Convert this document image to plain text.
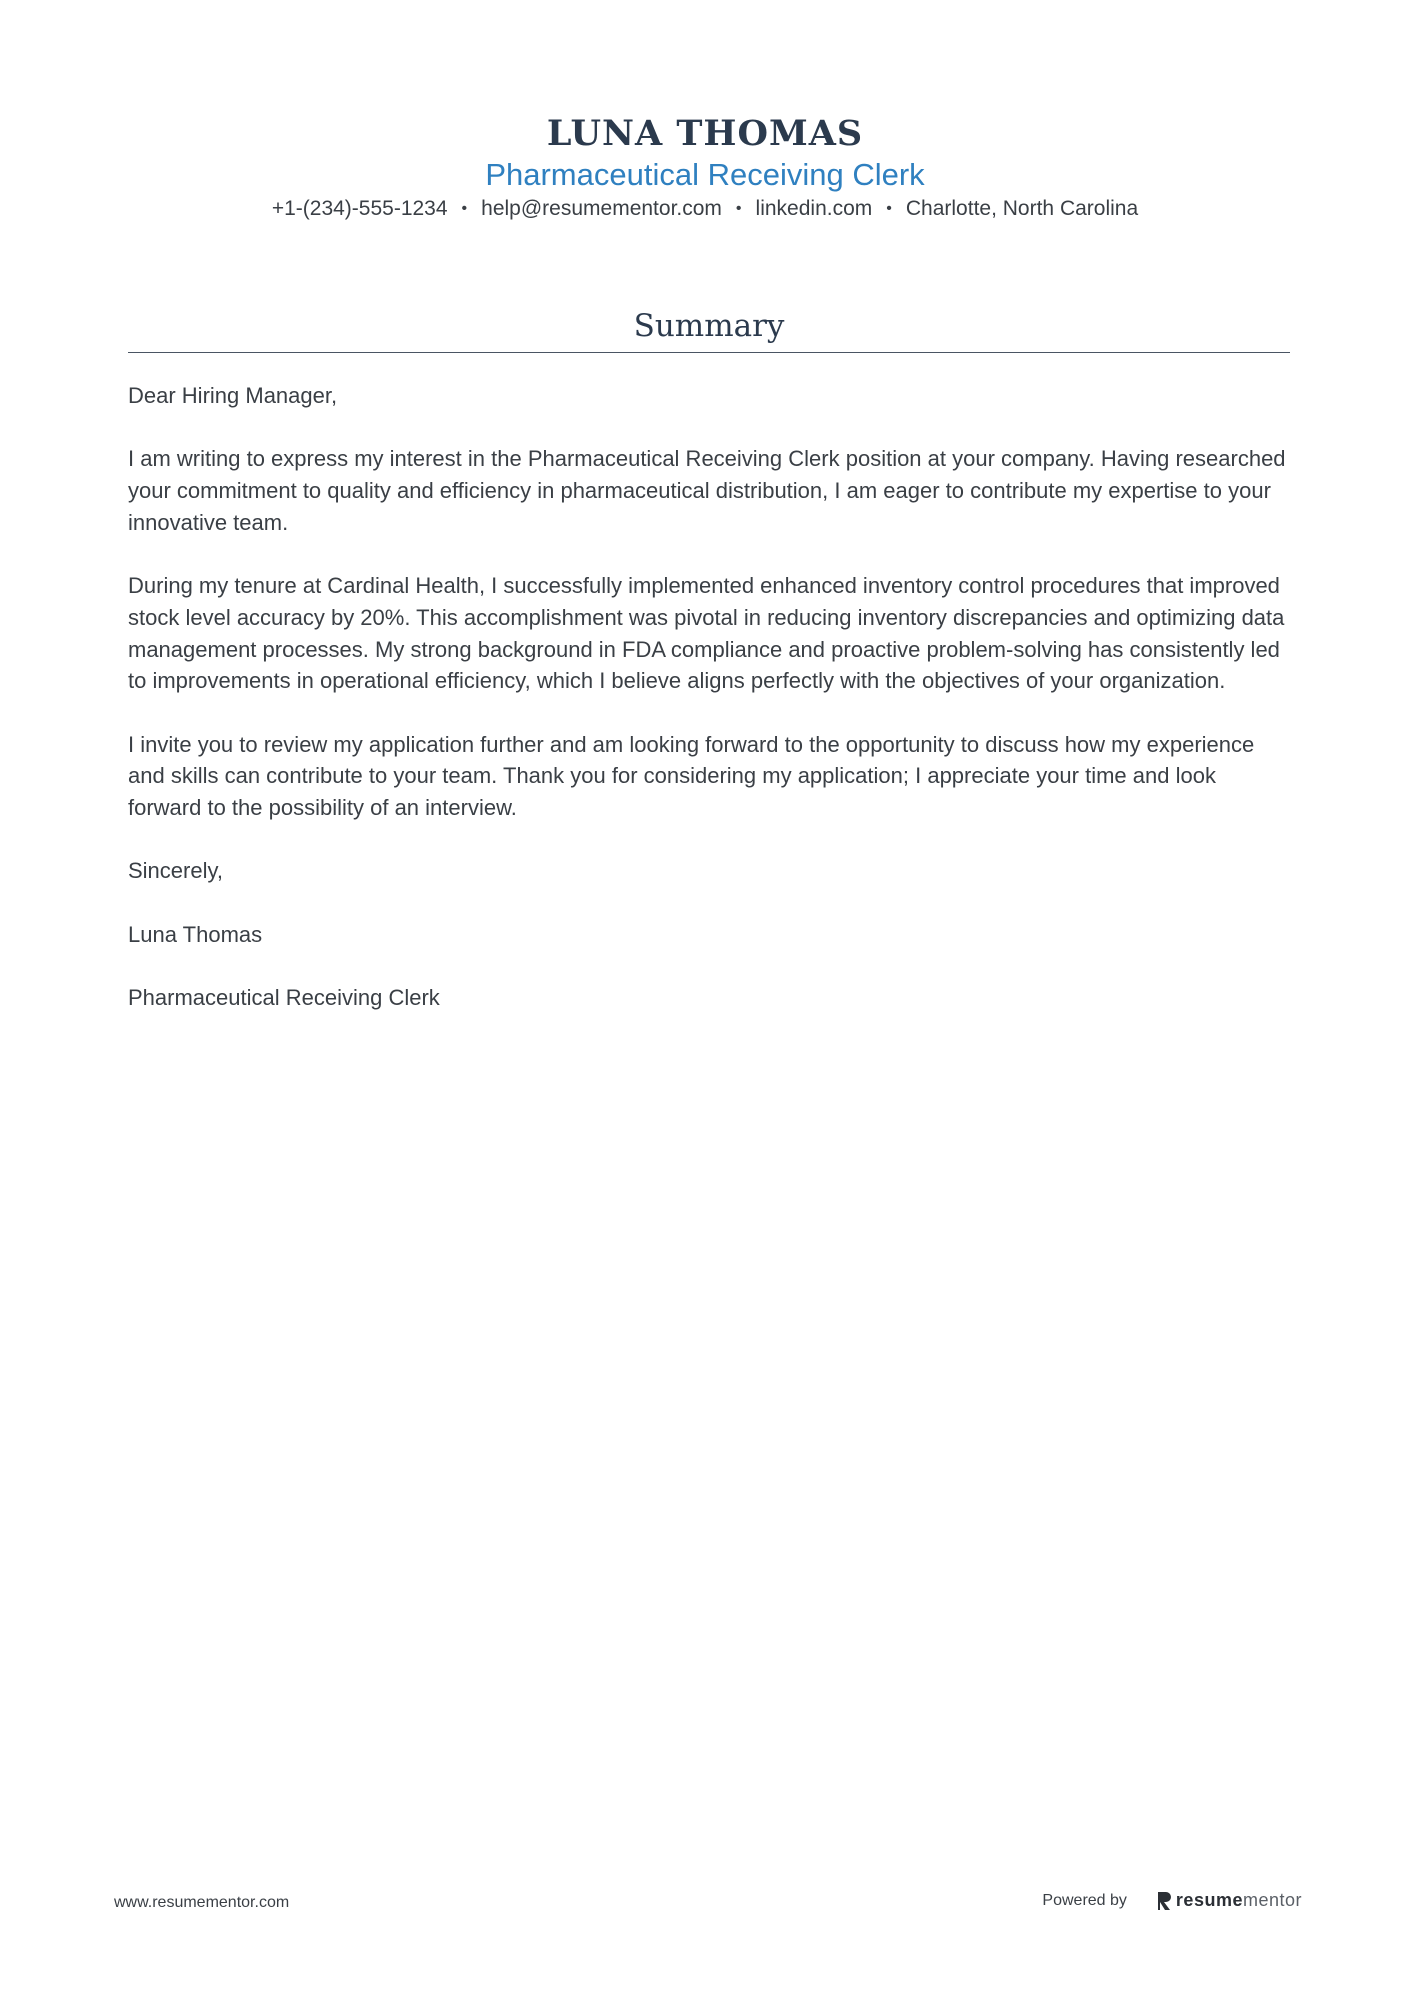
LUNA THOMAS
Pharmaceutical Receiving Clerk
+1-(234)-555-1234 • help@resumementor.com • linkedin.com • Charlotte, North Carolina
Summary

Dear Hiring Manager,

I am writing to express my interest in the Pharmaceutical Receiving Clerk position at your company. Having researched your commitment to quality and efficiency in pharmaceutical distribution, I am eager to contribute my expertise to your innovative team.

During my tenure at Cardinal Health, I successfully implemented enhanced inventory control procedures that improved stock level accuracy by 20%. This accomplishment was pivotal in reducing inventory discrepancies and optimizing data management processes. My strong background in FDA compliance and proactive problem-solving has consistently led to improvements in operational efficiency, which I believe aligns perfectly with the objectives of your organization.

I invite you to review my application further and am looking forward to the opportunity to discuss how my experience and skills can contribute to your team. Thank you for considering my application; I appreciate your time and look forward to the possibility of an interview.

Sincerely,

Luna Thomas

Pharmaceutical Receiving Clerk

www.resumementor.com	Powered by	resume mentor
